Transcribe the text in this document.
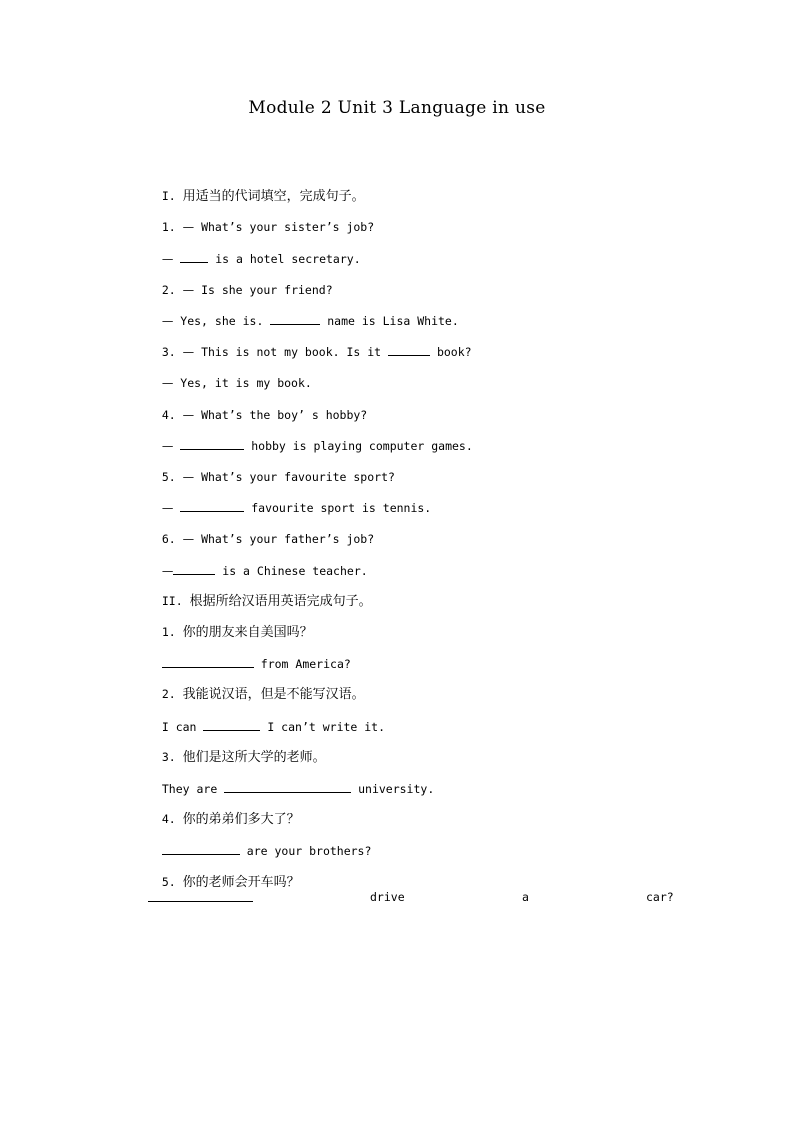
Module 2 Unit 3 Language in use

I. 用适当的代词填空，完成句子。

1. — What’s your sister’s job?

—	is a hotel secretary.

2. — Is she your friend?

— Yes, she is.	name is Lisa White.

3. — This is not my book. Is it	book?

— Yes, it is my book.

4. — What’s the boy’ s hobby?

—	hobby is playing computer games.

5. — What’s your favourite sport?

—	favourite sport is tennis.

6. — What’s your father’s job?

—	is a Chinese teacher.

II. 根据所给汉语用英语完成句子。

1. 你的朋友来自美国吗？

from America?

2. 我能说汉语，但是不能写汉语。

I can	I can’t write it.

3. 他们是这所大学的老师。

They are	university.

4. 你的弟弟们多大了？

are your brothers?

5. 你的老师会开车吗？

drive	a	car?
